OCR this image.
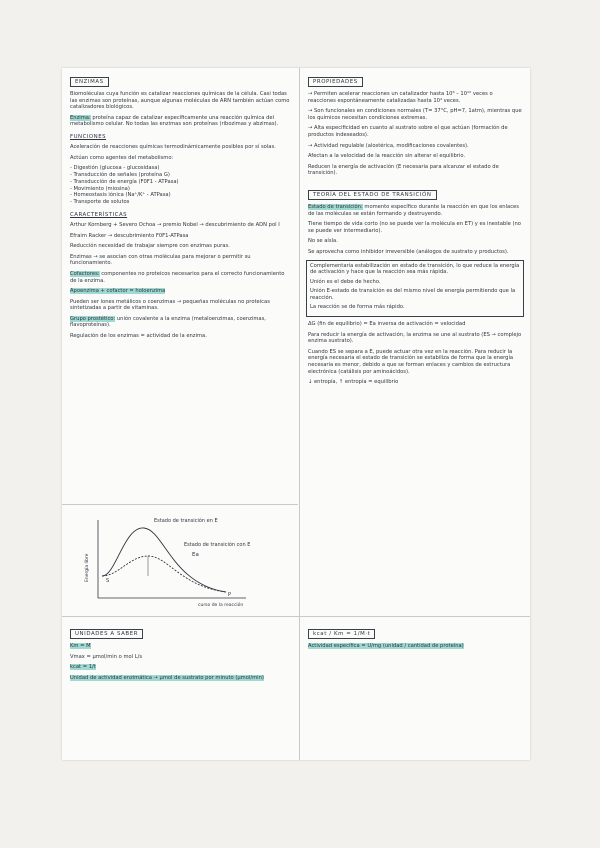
ENZIMAS

Biomoléculas cuya función es catalizar reacciones químicas de la célula. Casi todas las enzimas son proteínas, aunque algunas moléculas de ARN también actúan como catalizadores biológicos.

Enzima: proteína capaz de catalizar específicamente una reacción química del metabolismo celular. No todas las enzimas son proteínas (ribozimas y abzimas).

FUNCIONES

Aceleración de reacciones químicas termodinámicamente posibles por sí solas.

Actúan como agentes del metabolismo:

- Digestión (glucosa - glucosidasa)
- Transducción de señales (proteína G)
- Transducción de energía (F0F1 - ATPasa)
- Movimiento (miosina)
- Homeostasis iónica (Na⁺/K⁺ - ATPasa)
- Transporte de solutos
CARACTERÍSTICAS

Arthur Kornberg + Severo Ochoa → premio Nobel → descubrimiento de ADN pol I

Efraim Racker → descubrimiento F0F1-ATPasa

Reducción necesidad de trabajar siempre con enzimas puras.

Enzimas → se asocian con otras moléculas para mejorar o permitir su funcionamiento.

Cofactores: componentes no proteicos necesarios para el correcto funcionamiento de la enzima.

Apoenzima + cofactor = holoenzima

Pueden ser iones metálicos o coenzimas → pequeñas moléculas no proteicas sintetizadas a partir de vitaminas.

Grupo prostético: unión covalente a la enzima (metaloenzimas, coenzimas, flavoproteínas).

Regulación de los enzimas = actividad de la enzima.

S
P
Estado de transición en E
Estado de transición con E
Ea
Energía libre
curso de la reacción
UNIDADES A SABER

Km = M

Vmax = μmol/min o mol L/s

kcat = 1/t

Unidad de actividad enzimática → μmol de sustrato por minuto (μmol/min)

PROPIEDADES

→ Permiten acelerar reacciones un catalizador hasta 10⁶ – 10¹² veces o reacciones espontáneamente catalizadas hasta 10⁴ veces.

→ Son funcionales en condiciones normales (T= 37°C, pH=7, 1atm), mientras que los químicos necesitan condiciones extremas.

→ Alta especificidad en cuanto al sustrato sobre el que actúan (formación de productos indeseados).

→ Actividad regulable (alostérica, modificaciones covalentes).

Afectan a la velocidad de la reacción sin alterar el equilibrio.

Reducen la energía de activación (E necesaria para alcanzar el estado de transición).

TEORÍA DEL ESTADO DE TRANSICIÓN

Estado de transición: momento específico durante la reacción en que los enlaces de las moléculas se están formando y destruyendo.

Tiene tiempo de vida corto (no se puede ver la molécula en ET) y es inestable (no se puede ver intermediario).

No se aísla.

Se aprovecha como inhibidor irreversible (análogos de sustrato y productos).

Complementaria estabilización en estado de transición, lo que reduce la energía de activación y hace que la reacción sea más rápida.

Unión es el debe de hecho.

Unión E-estado de transición es del mismo nivel de energía permitiendo que la reacción.

La reacción se de forma más rápido.

ΔG (fin de equilibrio) = Ea inversa de activación = velocidad

Para reducir la energía de activación, la enzima se une al sustrato (ES → complejo enzima sustrato).

Cuando ES se separa a E, puede actuar otra vez en la reacción. Para reducir la energía necesaria el estado de transición se estabiliza de forma que la energía necesaria es menor, debido a que se forman enlaces y cambios de estructura electrónica (catálisis por aminoácidos).

↓ entropía, ↑ entropía = equilibrio

kcat / Km = 1/M·t

Actividad específica = U/mg (unidad / cantidad de proteína)
